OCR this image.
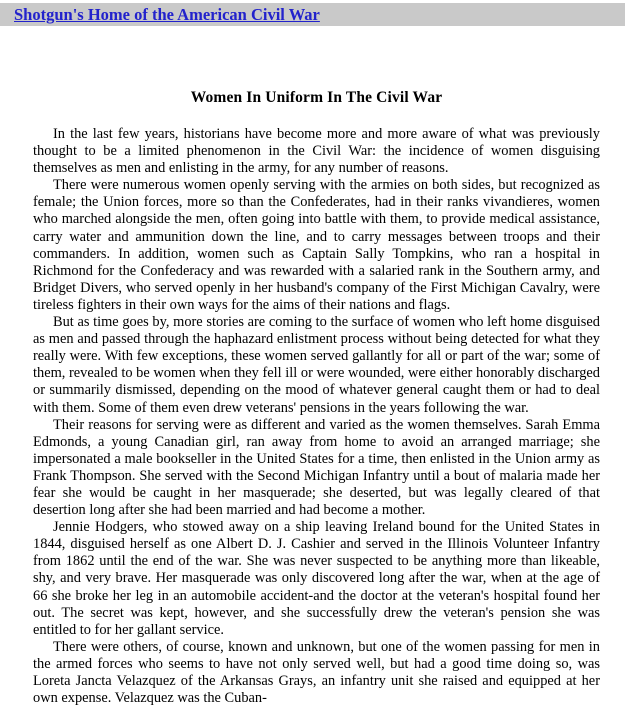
Shotgun's Home of the American Civil War
Women In Uniform In The Civil War

In the last few years, historians have become more and more aware of what was previously thought to be a limited phenomenon in the Civil War: the incidence of women disguising themselves as men and enlisting in the army, for any number of reasons.

There were numerous women openly serving with the armies on both sides, but recognized as female; the Union forces, more so than the Confederates, had in their ranks vivandieres, women who marched alongside the men, often going into battle with them, to provide medical assistance, carry water and ammunition down the line, and to carry messages between troops and their commanders. In addition, women such as Captain Sally Tompkins, who ran a hospital in Richmond for the Confederacy and was rewarded with a salaried rank in the Southern army, and Bridget Divers, who served openly in her husband's company of the First Michigan Cavalry, were tireless fighters in their own ways for the aims of their nations and flags.

But as time goes by, more stories are coming to the surface of women who left home disguised as men and passed through the haphazard enlistment process without being detected for what they really were. With few exceptions, these women served gallantly for all or part of the war; some of them, revealed to be women when they fell ill or were wounded, were either honorably discharged or summarily dismissed, depending on the mood of whatever general caught them or had to deal with them. Some of them even drew veterans' pensions in the years following the war.

Their reasons for serving were as different and varied as the women themselves. Sarah Emma Edmonds, a young Canadian girl, ran away from home to avoid an arranged marriage; she impersonated a male bookseller in the United States for a time, then enlisted in the Union army as Frank Thompson. She served with the Second Michigan Infantry until a bout of malaria made her fear she would be caught in her masquerade; she deserted, but was legally cleared of that desertion long after she had been married and had become a mother.

Jennie Hodgers, who stowed away on a ship leaving Ireland bound for the United States in 1844, disguised herself as one Albert D. J. Cashier and served in the Illinois Volunteer Infantry from 1862 until the end of the war. She was never suspected to be anything more than likeable, shy, and very brave. Her masquerade was only discovered long after the war, when at the age of 66 she broke her leg in an automobile accident-and the doctor at the veteran's hospital found her out. The secret was kept, however, and she successfully drew the veteran's pension she was entitled to for her gallant service.

There were others, of course, known and unknown, but one of the women passing for men in the armed forces who seems to have not only served well, but had a good time doing so, was Loreta Jancta Velazquez of the Arkansas Grays, an infantry unit she raised and equipped at her own expense. Velazquez was the Cuban-
